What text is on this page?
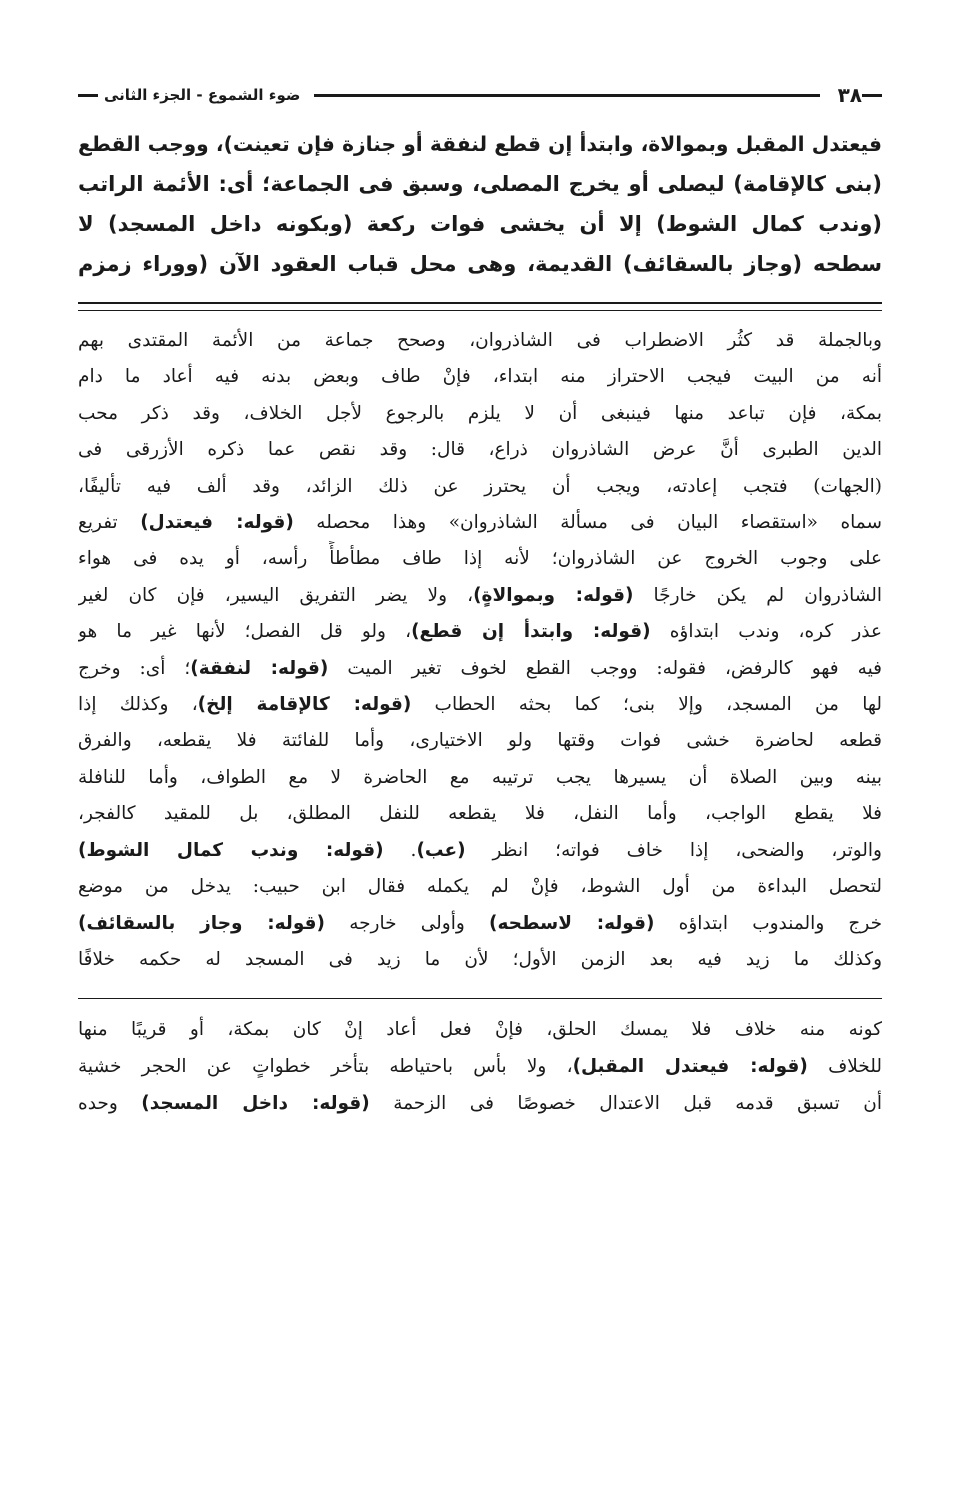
٣٨
ضوء الشموع - الجزء الثانى

فيعتدل المقبل وبموالاة، وابتدأ إن قطع لنفقة أو جنازة فإن تعينت)، ووجب القطع

(بنى كالإقامة) ليصلى أو يخرج المصلى، وسبق فى الجماعة؛ أى: الأئمة الراتب

(وندب كمال الشوط) إلا أن يخشى فوات ركعة (وبكونه داخل المسجد) لا

سطحه (وجاز بالسقائف) القديمة، وهى محل قباب العقود الآن (ووراء زمزم

وبالجملة قد كثُر الاضطراب فى الشاذروان، وصحح جماعة من الأئمة المقتدى بهم

أنه من البيت فيجب الاحتراز منه ابتداء، فإنْ طاف وبعض بدنه فيه أعاد ما دام

بمكة، فإن تباعد منها فينبغى أن لا يلزم بالرجوع لأجل الخلاف، وقد ذكر محب

الدين الطبرى أنَّ عرض الشاذروان ذراع، قال: وقد نقص عما ذكره الأزرقى فى

(الجهات) فتجب إعادته، ويجب أن يحترز عن ذلك الزائد، وقد ألف فيه تأليفًا،

سماه «استقصاء البيان فى مسألة الشاذروان» وهذا محصله (قوله: فيعتدل) تفريع

على وجوب الخروج عن الشاذروان؛ لأنه إذا طاف مطأطأً رأسه، أو يده فى هواء

الشاذروان لم يكن خارجًا (قوله: وبموالاةٍ)، ولا يضر التفريق اليسير، فإن كان لغير

عذر كره، وندب ابتداؤه (قوله: وابتدأ إن قطع)، ولو قل الفصل؛ لأنها غير ما هو

فيه فهو كالرفض، فقوله: ووجب القطع لخوف تغير الميت (قوله: لنفقة)؛ أى: وخرج

لها من المسجد، وإلا بنى؛ كما بحثه الحطاب (قوله: كالإقامة إلخ)، وكذلك إذا

قطعه لحاضرة خشى فوات وقتها ولو الاختيارى، وأما للفائتة فلا يقطعه، والفرق

بينه وبين الصلاة أن يسيرها يجب ترتيبه مع الحاضرة لا مع الطواف، وأما للنافلة

فلا يقطع الواجب، وأما النفل، فلا يقطعه للنفل المطلق، بل للمقيد كالفجر،

والوتر، والضحى، إذا خاف فواته؛ انظر (عب). (قوله: وندب كمال الشوط)

لتحصل البداءة من أول الشوط، فإنْ لم يكمله فقال ابن حبيب: يدخل من موضع

خرج والمندوب ابتداؤه (قوله: لاسطحه) وأولى خارجه (قوله: وجاز بالسقائف)

وكذلك ما زيد فيه بعد الزمن الأول؛ لأن ما زيد فى المسجد له حكمه خلافًا

كونه منه خلاف فلا يمسك الحلق، فإنْ فعل أعاد إنْ كان بمكة، أو قريبًا منها

للخلاف (قوله: فيعتدل المقبل)، ولا بأس باحتياطه بتأخر خطواتٍ عن الحجر خشية

أن تسبق قدمه قبل الاعتدال خصوصًا فى الزحمة (قوله: داخل المسجد) وحده
